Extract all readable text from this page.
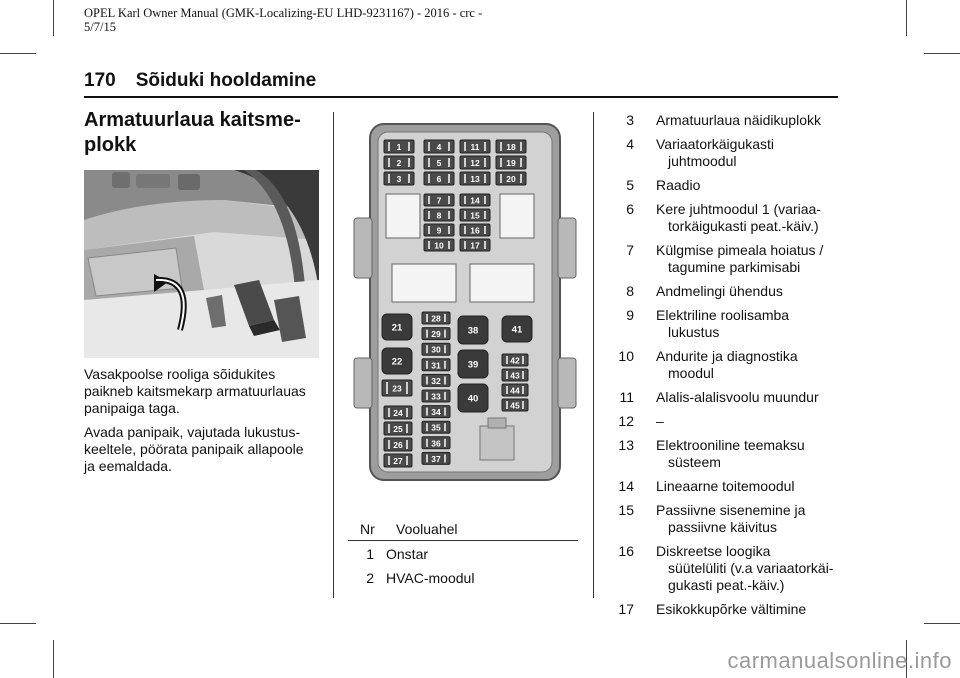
OPEL Karl Owner Manual (GMK-Localizing-EU LHD-9231167) - 2016 - crc -
5/7/15
170 Sõiduki hooldamine
Armatuurlaua kaitsme-
plokk
Vasakpoolse rooliga sõidukites
paikneb kaitsmekarp armatuurlauas
panipaiga taga.
Avada panipaik, vajutada lukustus-
keeltele, pöörata panipaik allapoole
ja eemaldada.
1
2
3
4
5
6
7
8
9
10
11
12
13
14
15
16
17
18
19
20
21
22
23
24
25
26
27
28
29
30
31
32
33
34
35
36
37
38
39
40
41
42
43
44
45
Nr Vooluahel
1 Onstar
2 HVAC-moodul
3 Armatuurlaua näidikuplokk
4 Variaatorkäigukasti
juhtmoodul
5 Raadio
6 Kere juhtmoodul 1 (variaa-
torkäigukasti peat.-käiv.)
7 Külgmise pimeala hoiatus /
tagumine parkimisabi
8 Andmelingi ühendus
9 Elektriline roolisamba
lukustus
10 Andurite ja diagnostika
moodul
11 Alalis-alalisvoolu muundur
12 –
13 Elektrooniline teemaksu
süsteem
14 Lineaarne toitemoodul
15 Passiivne sisenemine ja
passiivne käivitus
16 Diskreetse loogika
süütelüliti (v.a variaatorkäi-
gukasti peat.-käiv.)
17 Esikokkupõrke vältimine
carmanualsonline.info
